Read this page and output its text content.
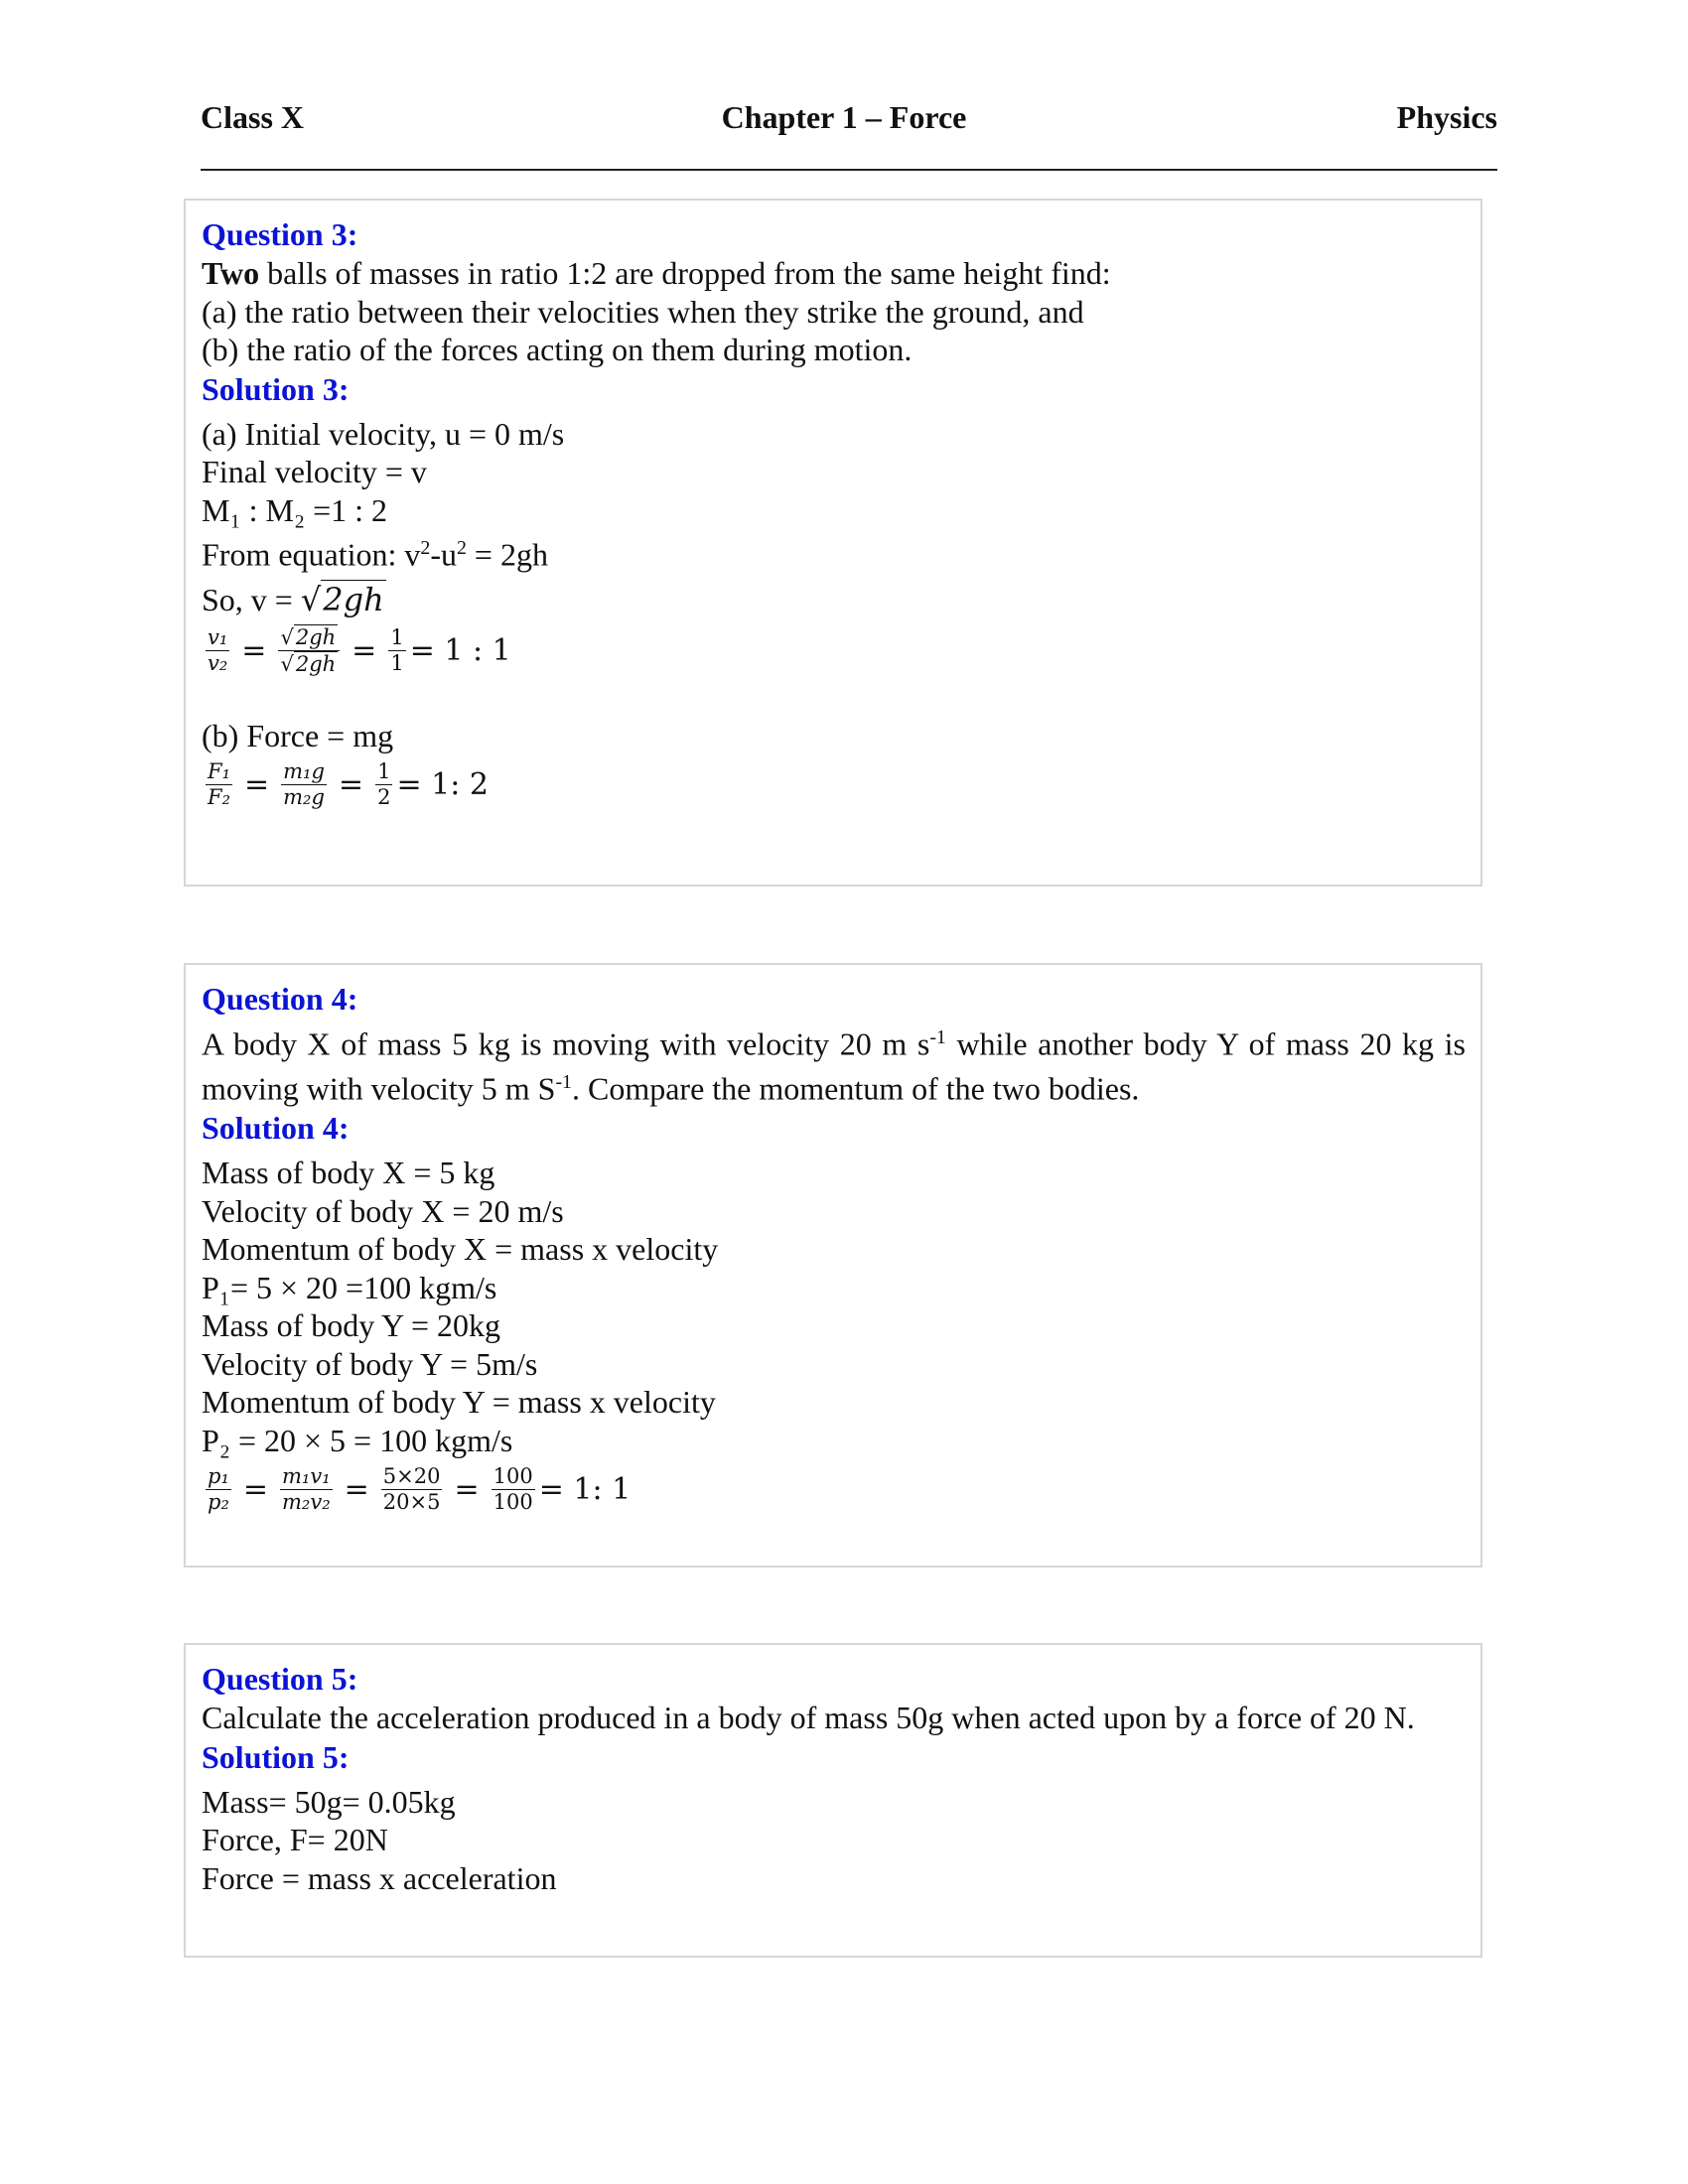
Class X	Chapter 1 – Force	Physics
Question 3:
Two balls of masses in ratio 1:2 are dropped from the same height find:
(a) the ratio between their velocities when they strike the ground, and
(b) the ratio of the forces acting on them during motion.
Solution 3:
(a) Initial velocity, u = 0 m/s
Final velocity = v
M₁ : M₂ =1 : 2
From equation: $v^2-u^2 = 2gh$
So, v = √ 2gh
$\frac{\text{v₁}}{\text{v₂}} = \frac{√ 2gh}{√ 2gh} = \frac{1}{1} = 1$ : 1
(b) Force = mg
$\frac{\text{F₁}}{\text{F₂}} = \frac{\text{m₁g}}{\text{m₂g}} = \frac{1}{2} = 1$: 2
Question 4:
A body X of mass 5 kg is moving with velocity 20 m $s^{-1}$ while another body Y of mass 20 kg is moving with velocity 5 m $S^{-1}$. Compare the momentum of the two bodies.
Solution 4:
Mass of body X = 5 kg
Velocity of body X = 20 m/s
Momentum of body X = mass x velocity
P₁= 5 × 20 =100 kgm/s
Mass of body Y = 20kg
Velocity of body Y = 5m/s
Momentum of body Y = mass x velocity
P₂ = 20 × 5 = 100 kgm/s
$\frac{\text{p₁}}{\text{p₂}} = \frac{\text{m₁v₁}}{\text{m₂v₂}} = \frac{5\times 20}{20\times 5} = \frac{100}{100} = 1$: 1
Question 5:
Calculate the acceleration produced in a body of mass 50g when acted upon by a force of 20 N.
Solution 5:
Mass= 50g= 0.05kg
Force, F= 20N
Force = mass x acceleration
